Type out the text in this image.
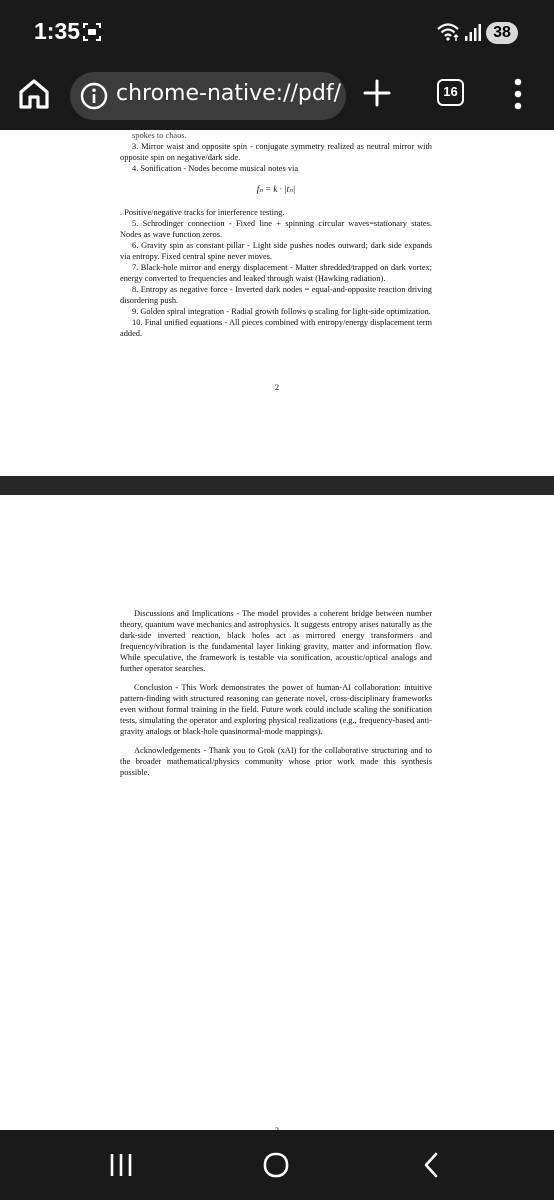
1:35	38
chrome-native://pdf/	16

spokes to chaos.

3. Mirror waist and opposite spin - conjugate symmetry realized as neutral mirror with opposite spin on negative/dark side.

4. Sonification - Nodes become musical notes via

fₙ = k · |tₙ|

. Positive/negative tracks for interference testing.

5. Schrodinger connection - Fixed line + spinning circular waves=stationary states. Nodes as wave function zeros.

6. Gravity spin as constant pillar - Light side pushes nodes outward; dark side expands via entropy. Fixed central spine never moves.

7. Black-hole mirror and energy displacement - Matter shredded/trapped on dark vortex; energy converted to frequencies and leaked through waist (Hawking radiation).

8. Entropy as negative force - Inverted dark nodes = equal-and-opposite reaction driving disordering push.

9. Golden spiral integration - Radial growth follows φ scaling for light-side optimization.

10. Final unified equations - All pieces combined with entropy/energy displacement term added.

2

Discussions and Implications - The model provides a coherent bridge between number theory, quantum wave mechanics and astrophysics. It suggests entropy arises naturally as the dark-side inverted reaction, black holes act as mirrored energy transformers and frequency/vibration is the fundamental layer linking gravity, matter and information flow. While speculative, the framework is testable via sonification, acoustic/optical analogs and further operator searches.

Conclusion - This Work demonstrates the power of human-AI collaboration: intuitive pattern-finding with structured reasoning can generate novel, cross-disciplinary frameworks even without formal training in the field. Future work could include scaling the sonification tests, simulating the operator and exploring physical realizations (e.g., frequency-based anti-gravity analogs or black-hole quasinormal-mode mappings).

Acknowledgements - Thank you to Grok (xAI) for the collaborative structuring and to the broader mathematical/physics community whose prior work made this synthesis possible.
